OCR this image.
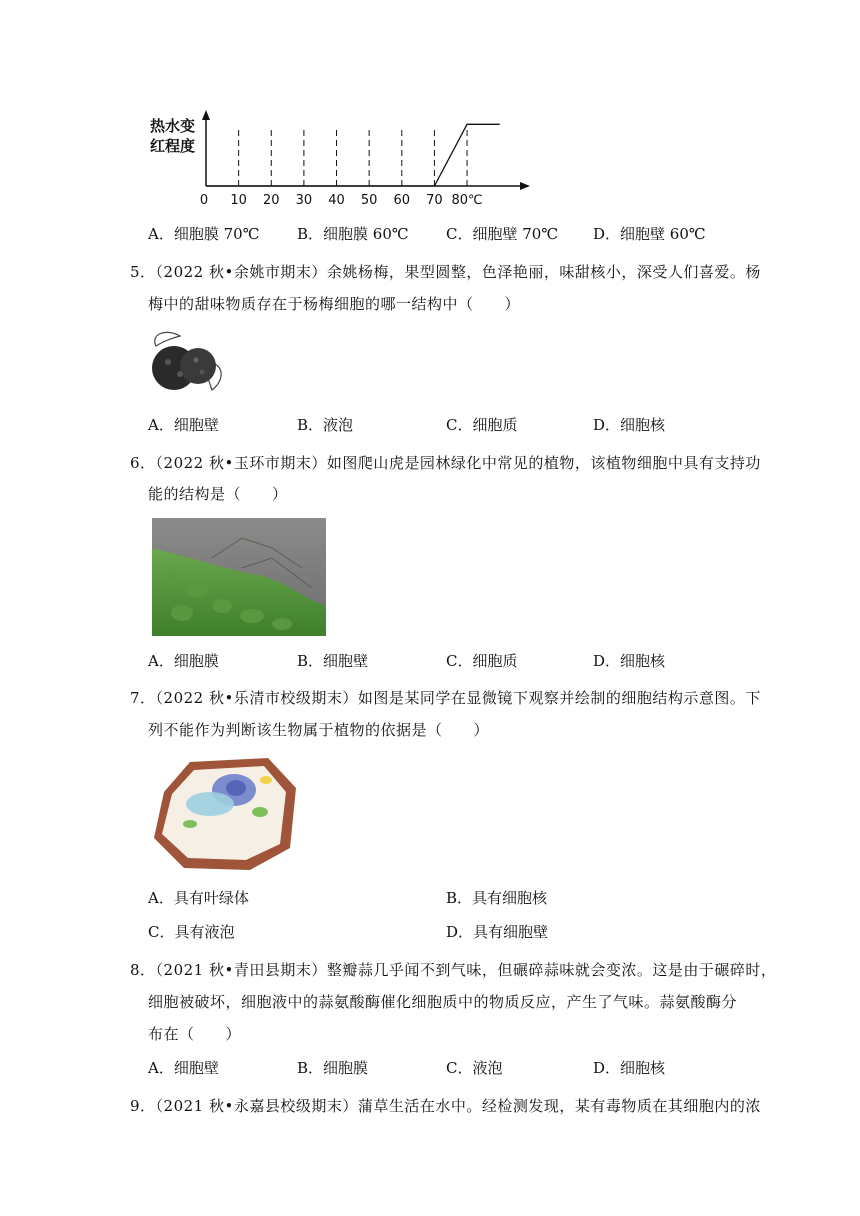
热水变
红程度
0 10 20 30 40 50 60 70 80℃
A．细胞膜 70℃	B．细胞膜 60℃ C．细胞壁 70℃ D．细胞壁 60℃
5．（2022 秋•余姚市期末）余姚杨梅，果型圆整，色泽艳丽，味甜核小，深受人们喜爱。杨
梅中的甜味物质存在于杨梅细胞的哪一结构中（　　）
A．细胞壁	B．液泡	C．细胞质	D．细胞核
6．（2022 秋•玉环市期末）如图爬山虎是园林绿化中常见的植物，该植物细胞中具有支持功
能的结构是（　　）
A．细胞膜	B．细胞壁	C．细胞质	D．细胞核
7．（2022 秋•乐清市校级期末）如图是某同学在显微镜下观察并绘制的细胞结构示意图。下
列不能作为判断该生物属于植物的依据是（　　）
A．具有叶绿体	B．具有细胞核
C．具有液泡	D．具有细胞壁
8．（2021 秋•青田县期末）整瓣蒜几乎闻不到气味，但碾碎蒜味就会变浓。这是由于碾碎时，
细胞被破坏，细胞液中的蒜氨酸酶催化细胞质中的物质反应，产生了气味。蒜氨酸酶分
布在（　　）
A．细胞壁	B．细胞膜	C．液泡	D．细胞核
9．（2021 秋•永嘉县校级期末）蒲草生活在水中。经检测发现，某有毒物质在其细胞内的浓
